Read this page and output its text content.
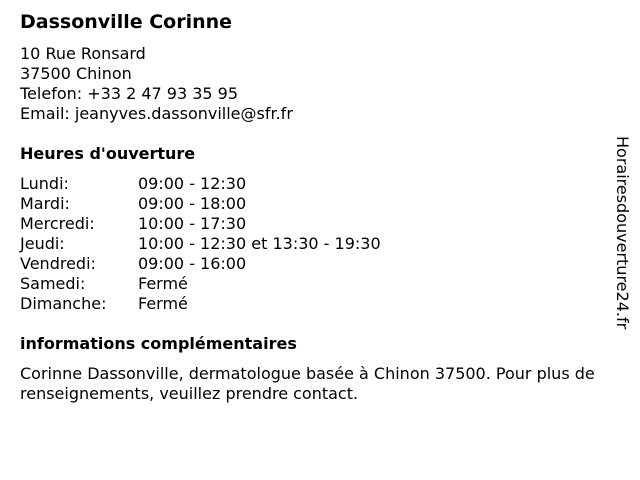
Dassonville Corinne
10 Rue Ronsard
37500 Chinon
Telefon: +33 2 47 93 35 95
Email: jeanyves.dassonville@sfr.fr
Heures d'ouverture
Lundi:	09:00 - 12:30
Mardi:	09:00 - 18:00
Mercredi:	10:00 - 17:30
Jeudi:	10:00 - 12:30 et 13:30 - 19:30
Vendredi:	09:00 - 16:00
Samedi:	Fermé
Dimanche:	Fermé
informations complémentaires
Corinne Dassonville, dermatologue basée à Chinon 37500. Pour plus de renseignements, veuillez prendre contact.
Horairesdouverture24.fr
